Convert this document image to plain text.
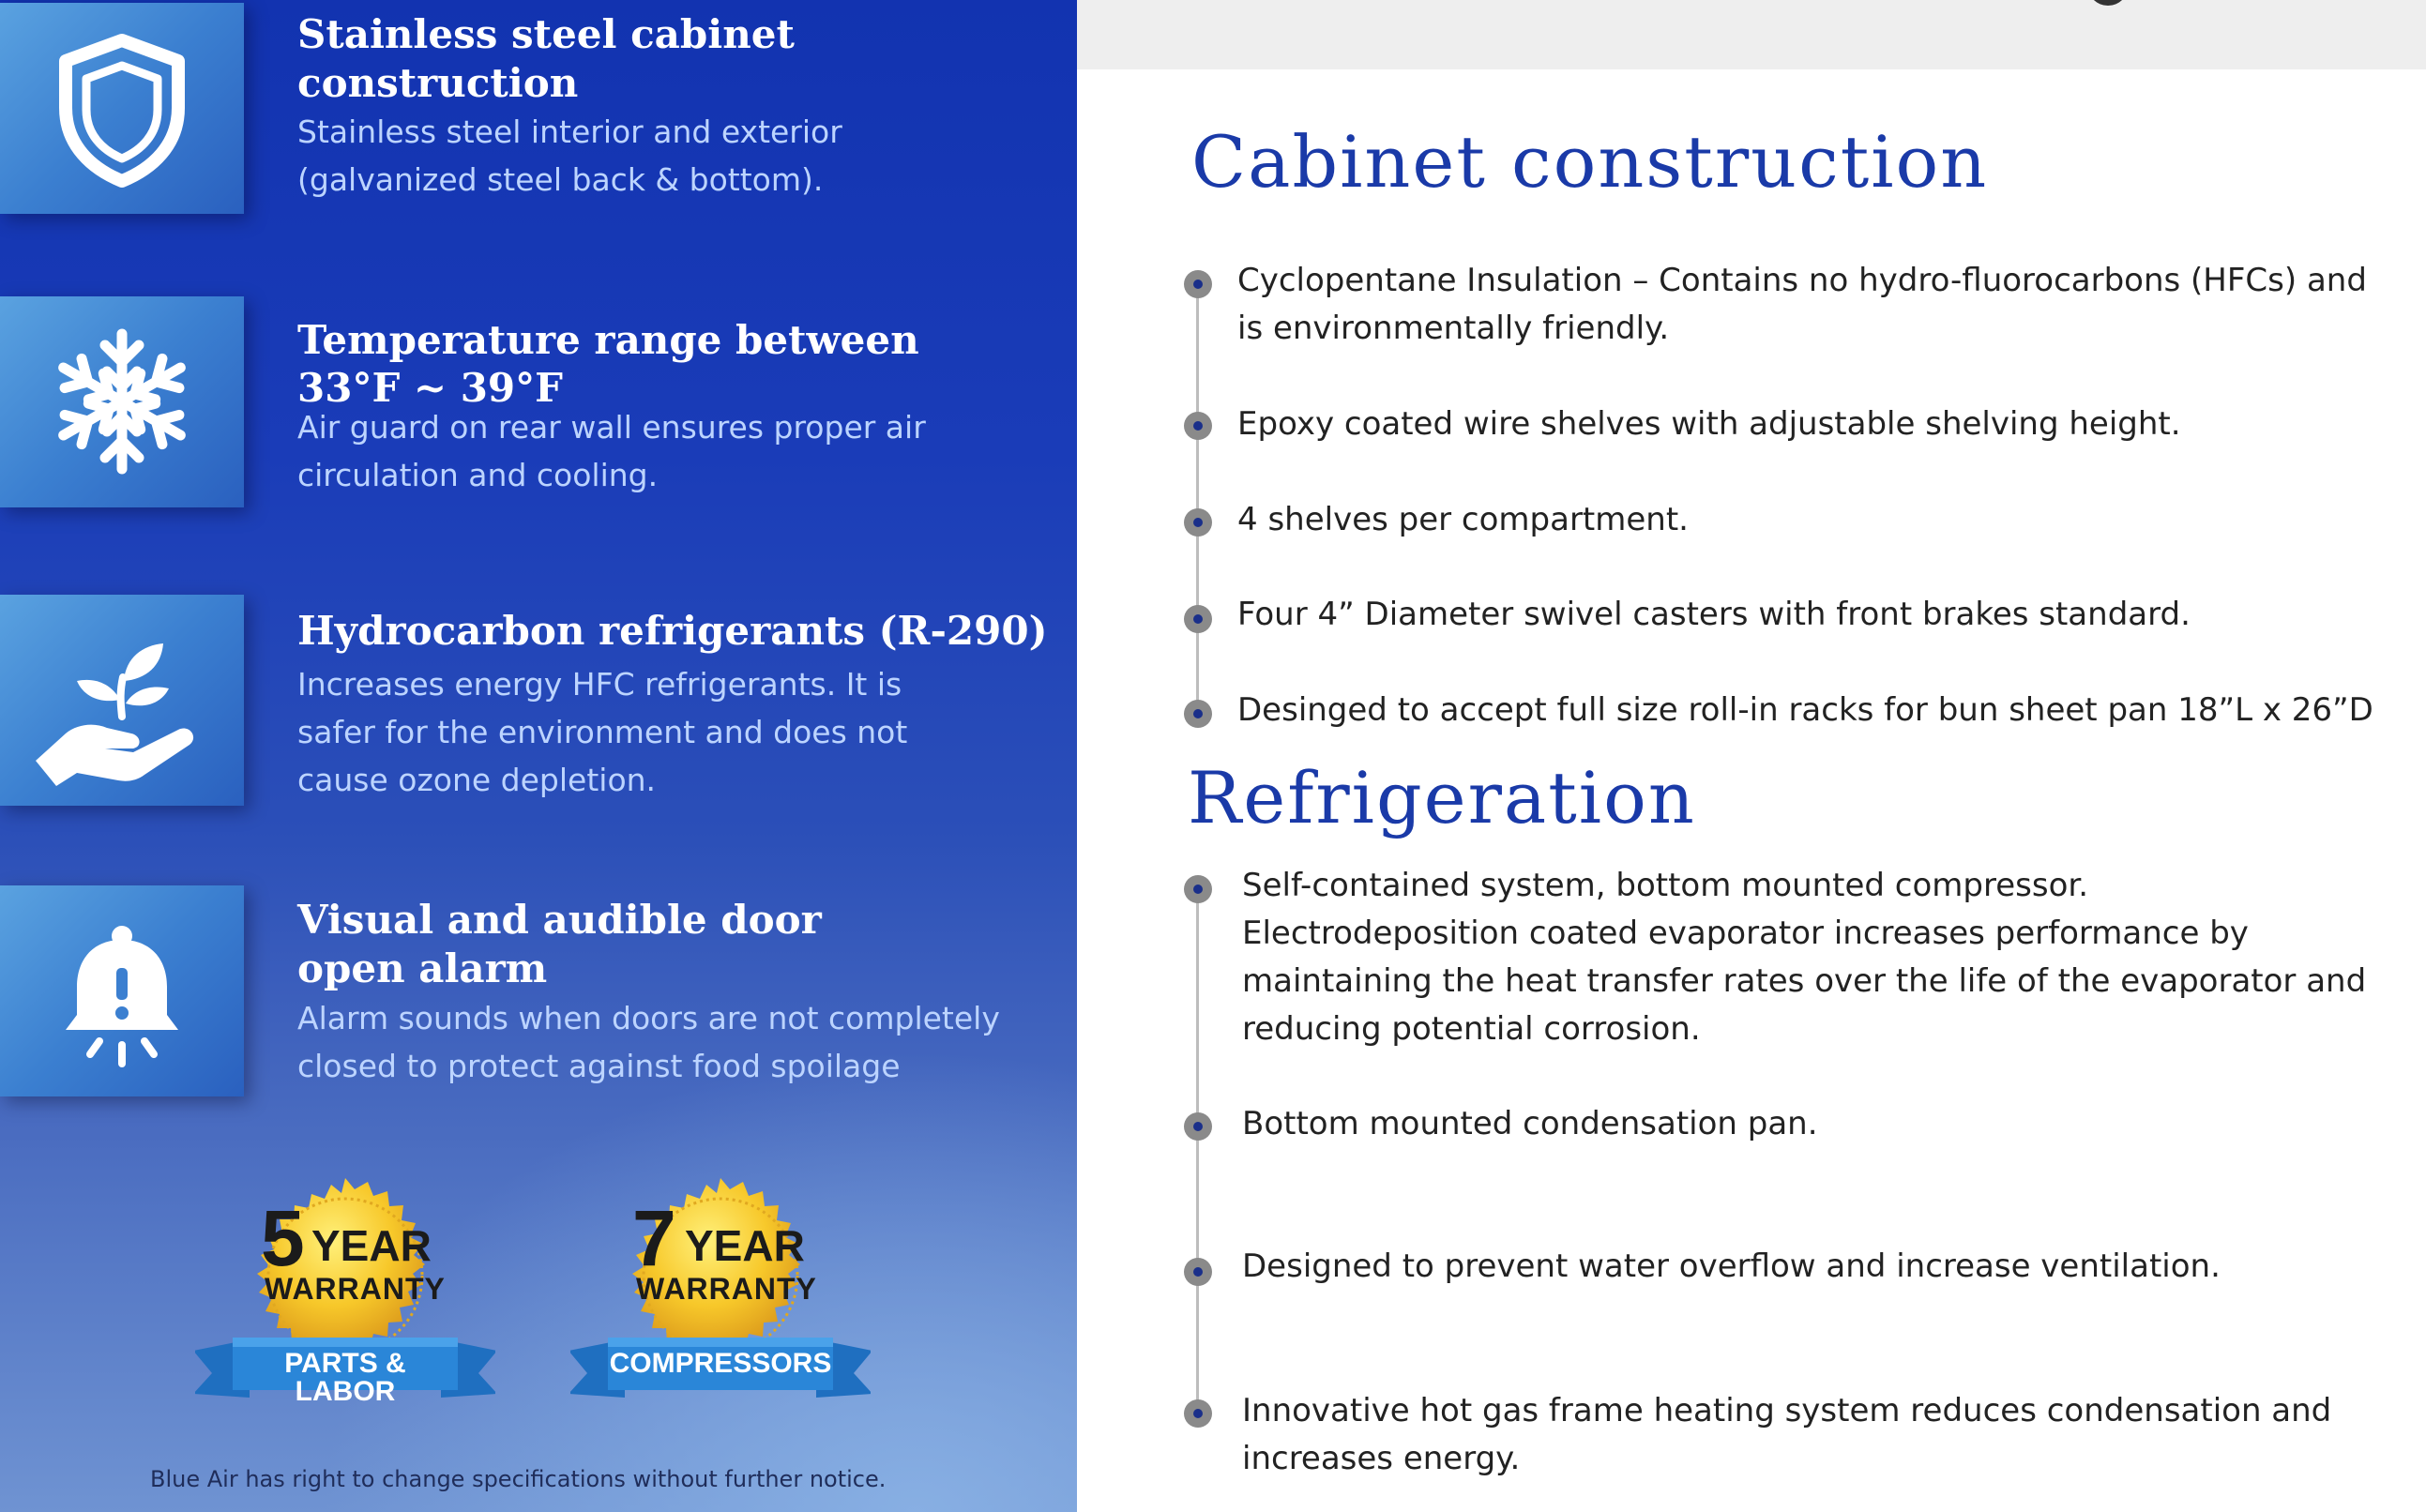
Stainless steel cabinet
construction
Stainless steel interior and exterior
(galvanized steel back & bottom).
Temperature range between
33°F ~ 39°F
Air guard on rear wall ensures proper air
circulation and cooling.
Hydrocarbon refrigerants (R-290)
Increases energy HFC refrigerants. It is
safer for the environment and does not
cause ozone depletion.
Visual and audible door
open alarm
Alarm sounds when doors are not completely
closed to protect against food spoilage
5 YEAR
WARRANTY
PARTS & LABOR
7 YEAR
WARRANTY
COMPRESSORS
Blue Air has right to change specifications without further notice.
Cabinet construction
Cyclopentane Insulation – Contains no hydro-fluorocarbons (HFCs) and
is environmentally friendly.
Epoxy coated wire shelves with adjustable shelving height.
4 shelves per compartment.
Four 4” Diameter swivel casters with front brakes standard.
Desinged to accept full size roll-in racks for bun sheet pan 18”L x 26”D
Refrigeration
Self-contained system, bottom mounted compressor.
Electrodeposition coated evaporator increases performance by
maintaining the heat transfer rates over the life of the evaporator and
reducing potential corrosion.
Bottom mounted condensation pan.
Designed to prevent water overflow and increase ventilation.
Innovative hot gas frame heating system reduces condensation and
increases energy.
